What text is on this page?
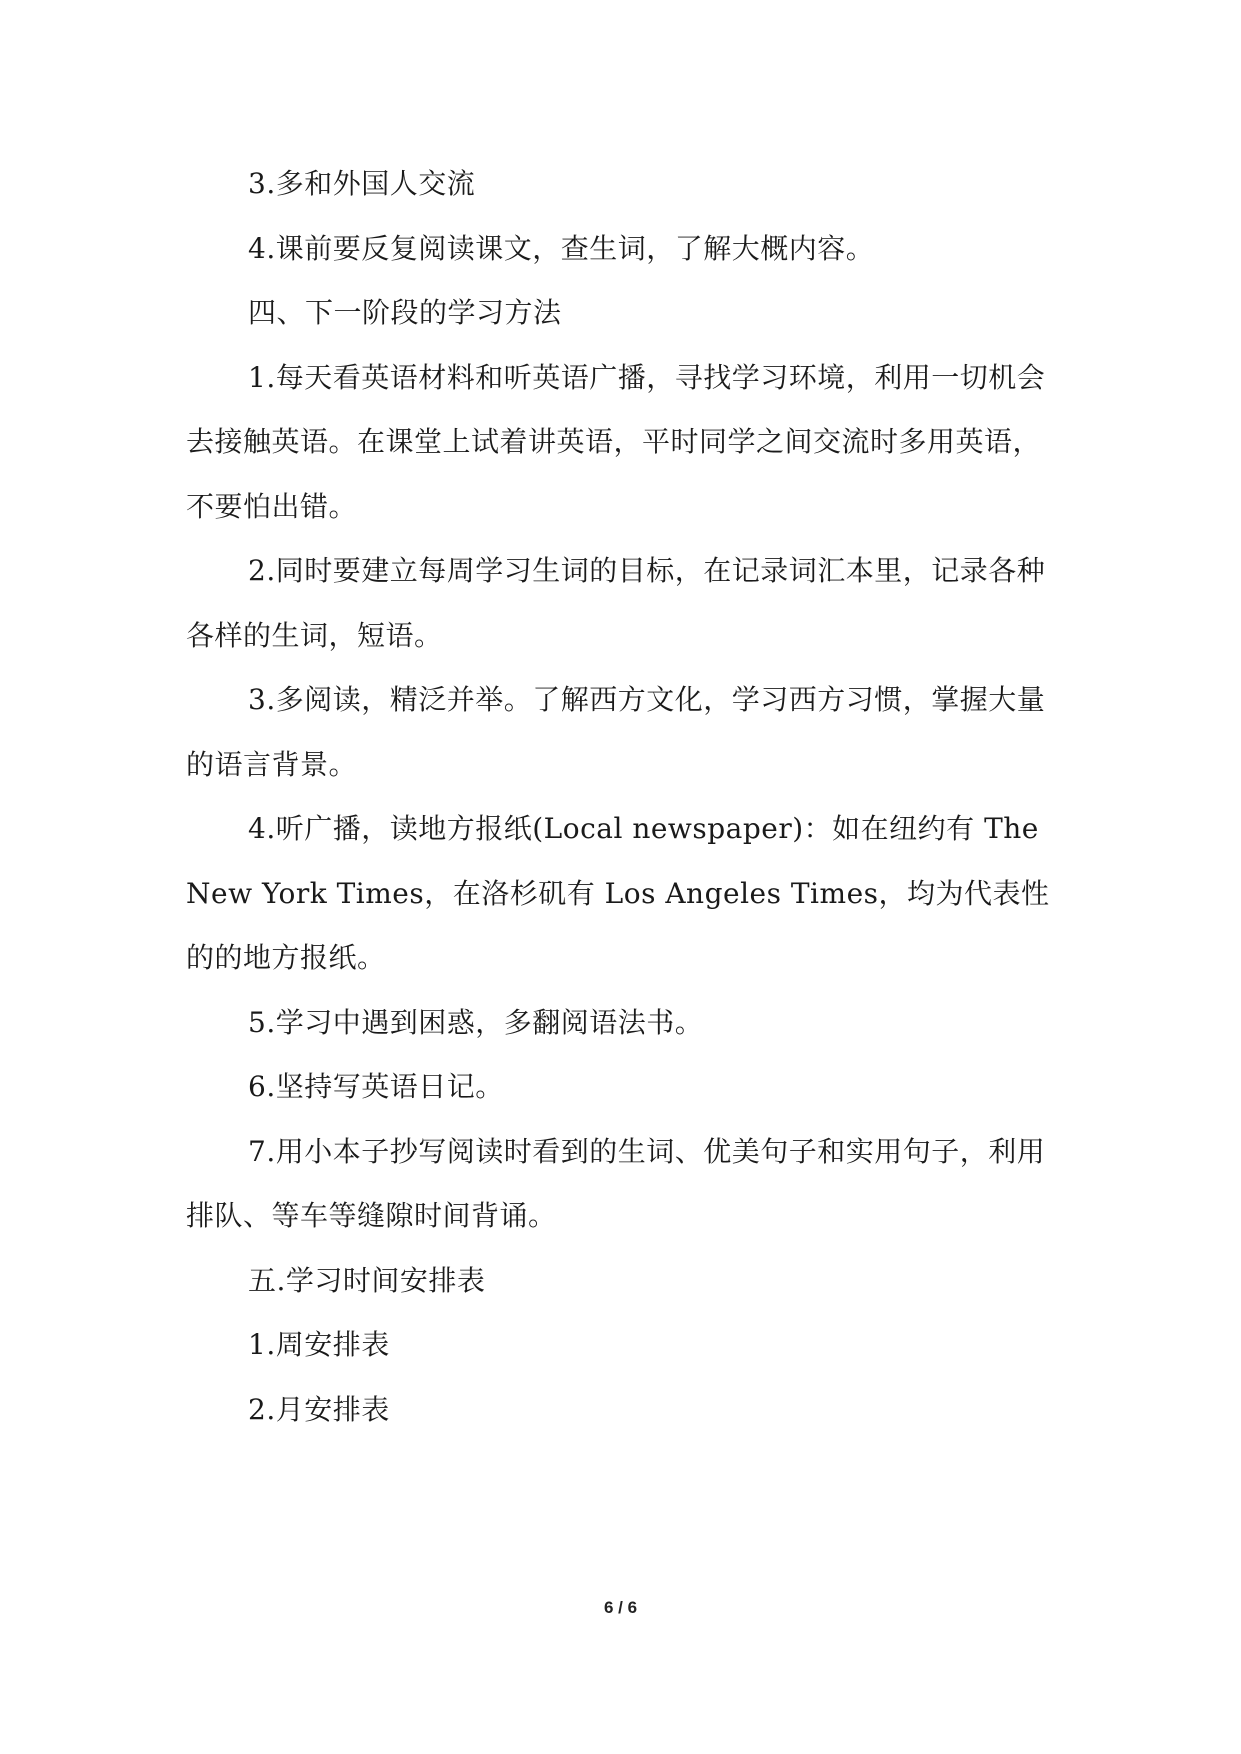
3.多和外国人交流

4.课前要反复阅读课文，查生词，了解大概内容。

四、下一阶段的学习方法

1.每天看英语材料和听英语广播，寻找学习环境，利用一切机会去接触英语。在课堂上试着讲英语，平时同学之间交流时多用英语，不要怕出错。

2.同时要建立每周学习生词的目标，在记录词汇本里，记录各种各样的生词，短语。

3.多阅读，精泛并举。了解西方文化，学习西方习惯，掌握大量的语言背景。

4.听广播，读地方报纸(Local newspaper)：如在纽约有 The New York Times，在洛杉矶有 Los Angeles Times，均为代表性的的地方报纸。

5.学习中遇到困惑，多翻阅语法书。

6.坚持写英语日记。

7.用小本子抄写阅读时看到的生词、优美句子和实用句子，利用排队、等车等缝隙时间背诵。

五.学习时间安排表

1.周安排表

2.月安排表

6 / 6
